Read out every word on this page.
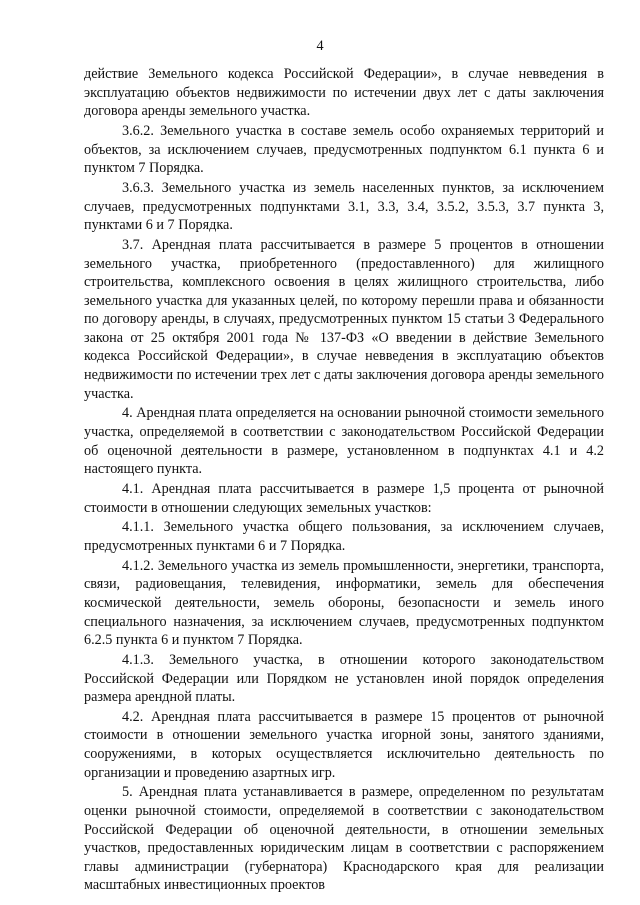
4

действие Земельного кодекса Российской Федерации», в случае невведения в эксплуатацию объектов недвижимости по истечении двух лет с даты заключения договора аренды земельного участка.

3.6.2. Земельного участка в составе земель особо охраняемых территорий и объектов, за исключением случаев, предусмотренных подпунктом 6.1 пункта 6 и пунктом 7 Порядка.

3.6.3. Земельного участка из земель населенных пунктов, за исключением случаев, предусмотренных подпунктами 3.1, 3.3, 3.4, 3.5.2, 3.5.3, 3.7 пункта 3, пунктами 6 и 7 Порядка.

3.7. Арендная плата рассчитывается в размере 5 процентов в отношении земельного участка, приобретенного (предоставленного) для жилищного строительства, комплексного освоения в целях жилищного строительства, либо земельного участка для указанных целей, по которому перешли права и обязанности по договору аренды, в случаях, предусмотренных пунктом 15 статьи 3 Федерального закона от 25 октября 2001 года № 137-ФЗ «О введении в действие Земельного кодекса Российской Федерации», в случае невведения в эксплуатацию объектов недвижимости по истечении трех лет с даты заключения договора аренды земельного участка.

4. Арендная плата определяется на основании рыночной стоимости земельного участка, определяемой в соответствии с законодательством Российской Федерации об оценочной деятельности в размере, установленном в подпунктах 4.1 и 4.2 настоящего пункта.

4.1. Арендная плата рассчитывается в размере 1,5 процента от рыночной стоимости в отношении следующих земельных участков:

4.1.1. Земельного участка общего пользования, за исключением случаев, предусмотренных пунктами 6 и 7 Порядка.

4.1.2. Земельного участка из земель промышленности, энергетики, транспорта, связи, радиовещания, телевидения, информатики, земель для обеспечения космической деятельности, земель обороны, безопасности и земель иного специального назначения, за исключением случаев, предусмотренных подпунктом 6.2.5 пункта 6 и пунктом 7 Порядка.

4.1.3. Земельного участка, в отношении которого законодательством Российской Федерации или Порядком не установлен иной порядок определения размера арендной платы.

4.2. Арендная плата рассчитывается в размере 15 процентов от рыночной стоимости в отношении земельного участка игорной зоны, занятого зданиями, сооружениями, в которых осуществляется исключительно деятельность по организации и проведению азартных игр.

5. Арендная плата устанавливается в размере, определенном по результатам оценки рыночной стоимости, определяемой в соответствии с законодательством Российской Федерации об оценочной деятельности, в отношении земельных участков, предоставленных юридическим лицам в соответствии с распоряжением главы администрации (губернатора) Краснодарского края для реализации масштабных инвестиционных проектов
